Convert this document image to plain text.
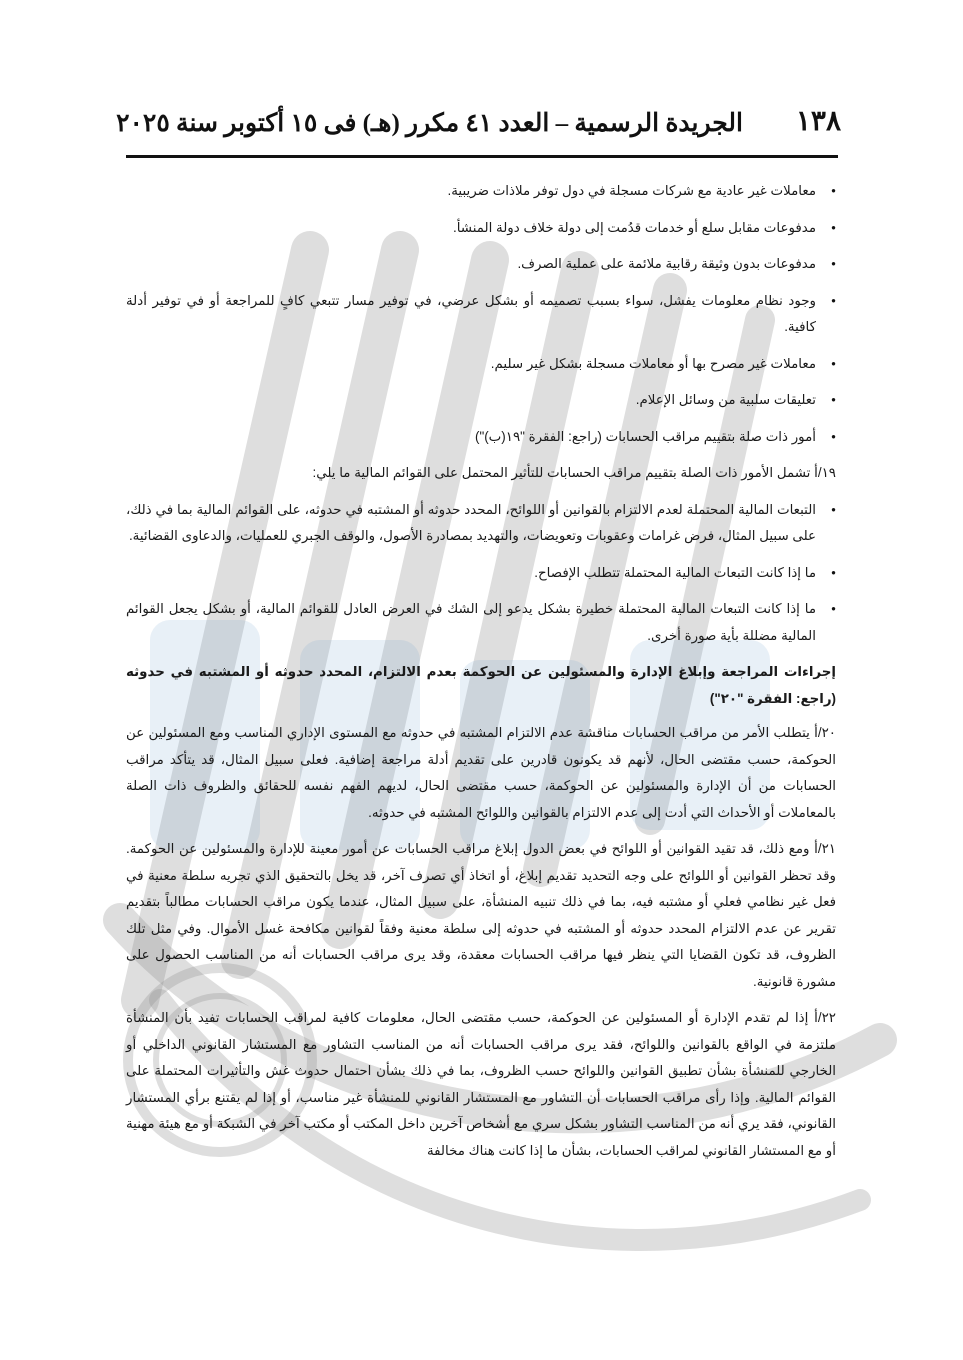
١٣٨
الجريدة الرسمية – العدد ٤١ مكرر (هـ) فى ١٥ أكتوبر سنة ٢٠٢٥
● معاملات غير عادية مع شركات مسجلة في دول توفر ملاذات ضريبية.
● مدفوعات مقابل سلع أو خدمات قدُمت إلى دولة خلاف دولة المنشأ.
● مدفوعات بدون وثيقة رقابية ملائمة على عملية الصرف.
● وجود نظام معلومات يفشل، سواء بسبب تصميمه أو بشكل عرضي، في توفير مسار تتبعي كافٍ للمراجعة أو في توفير أدلة كافية.
● معاملات غير مصرح بها أو معاملات مسجلة بشكل غير سليم.
● تعليقات سلبية من وسائل الإعلام.
● أمور ذات صلة بتقييم مراقب الحسابات (راجع: الفقرة "١٩(ب)")
١٩/أ تشمل الأمور ذات الصلة بتقييم مراقب الحسابات للتأثير المحتمل على القوائم المالية ما يلي:
● التبعات المالية المحتملة لعدم الالتزام بالقوانين أو اللوائح، المحدد حدوثه أو المشتبه في حدوثه، على القوائم المالية بما في ذلك، على سبيل المثال، فرض غرامات وعقوبات وتعويضات، والتهديد بمصادرة الأصول، والوقف الجبري للعمليات، والدعاوى القضائية.
● ما إذا كانت التبعات المالية المحتملة تتطلب الإفصاح.
● ما إذا كانت التبعات المالية المحتملة خطيرة بشكل يدعو إلى الشك في العرض العادل للقوائم المالية، أو بشكل يجعل القوائم المالية مضللة بأية صورة أخرى.
إجراءات المراجعة وإبلاغ الإدارة والمسئولين عن الحوكمة بعدم الالتزام، المحدد حدوثه أو المشتبه في حدوثه (راجع: الفقرة "٢٠")
٢٠/أ يتطلب الأمر من مراقب الحسابات مناقشة عدم الالتزام المشتبه في حدوثه مع المستوى الإداري المناسب ومع المسئولين عن الحوكمة، حسب مقتضى الحال، لأنهم قد يكونون قادرين على تقديم أدلة مراجعة إضافية. فعلى سبيل المثال، قد يتأكد مراقب الحسابات من أن الإدارة والمسئولين عن الحوكمة، حسب مقتضى الحال، لديهم الفهم نفسه للحقائق والظروف ذات الصلة بالمعاملات أو الأحداث التي أدت إلى عدم الالتزام بالقوانين واللوائح المشتبه في حدوثه.
٢١/أ ومع ذلك، قد تقيد القوانين أو اللوائح في بعض الدول إبلاغ مراقب الحسابات عن أمور معينة للإدارة والمسئولين عن الحوكمة. وقد تحظر القوانين أو اللوائح على وجه التحديد تقديم إبلاغ، أو اتخاذ أي تصرف آخر، قد يخل بالتحقيق الذي تجريه سلطة معنية في فعل غير نظامي فعلي أو مشتبه فيه، بما في ذلك تنبيه المنشأة، على سبيل المثال، عندما يكون مراقب الحسابات مطالباً بتقديم تقرير عن عدم الالتزام المحدد حدوثه أو المشتبه في حدوثه إلى سلطة معنية وفقاً لقوانين مكافحة غسل الأموال. وفي مثل تلك الظروف، قد تكون القضايا التي ينظر فيها مراقب الحسابات معقدة، وقد يرى مراقب الحسابات أنه من المناسب الحصول على مشورة قانونية.
٢٢/أ إذا لم تقدم الإدارة أو المسئولين عن الحوكمة، حسب مقتضى الحال، معلومات كافية لمراقب الحسابات تفيد بأن المنشأة ملتزمة في الواقع بالقوانين واللوائح، فقد يرى مراقب الحسابات أنه من المناسب التشاور مع المستشار القانوني الداخلي أو الخارجي للمنشأة بشأن تطبيق القوانين واللوائح حسب الظروف، بما في ذلك بشأن احتمال حدوث غش والتأثيرات المحتملة على القوائم المالية. وإذا رأى مراقب الحسابات أن التشاور مع المستشار القانوني للمنشأة غير مناسب، أو إذا لم يقتنع برأي المستشار القانوني، فقد يري أنه من المناسب التشاور بشكل سري مع أشخاص آخرين داخل المكتب أو مكتب آخر في الشبكة أو مع هيئة مهنية أو مع المستشار القانوني لمراقب الحسابات، بشأن ما إذا كانت هناك مخالفة
